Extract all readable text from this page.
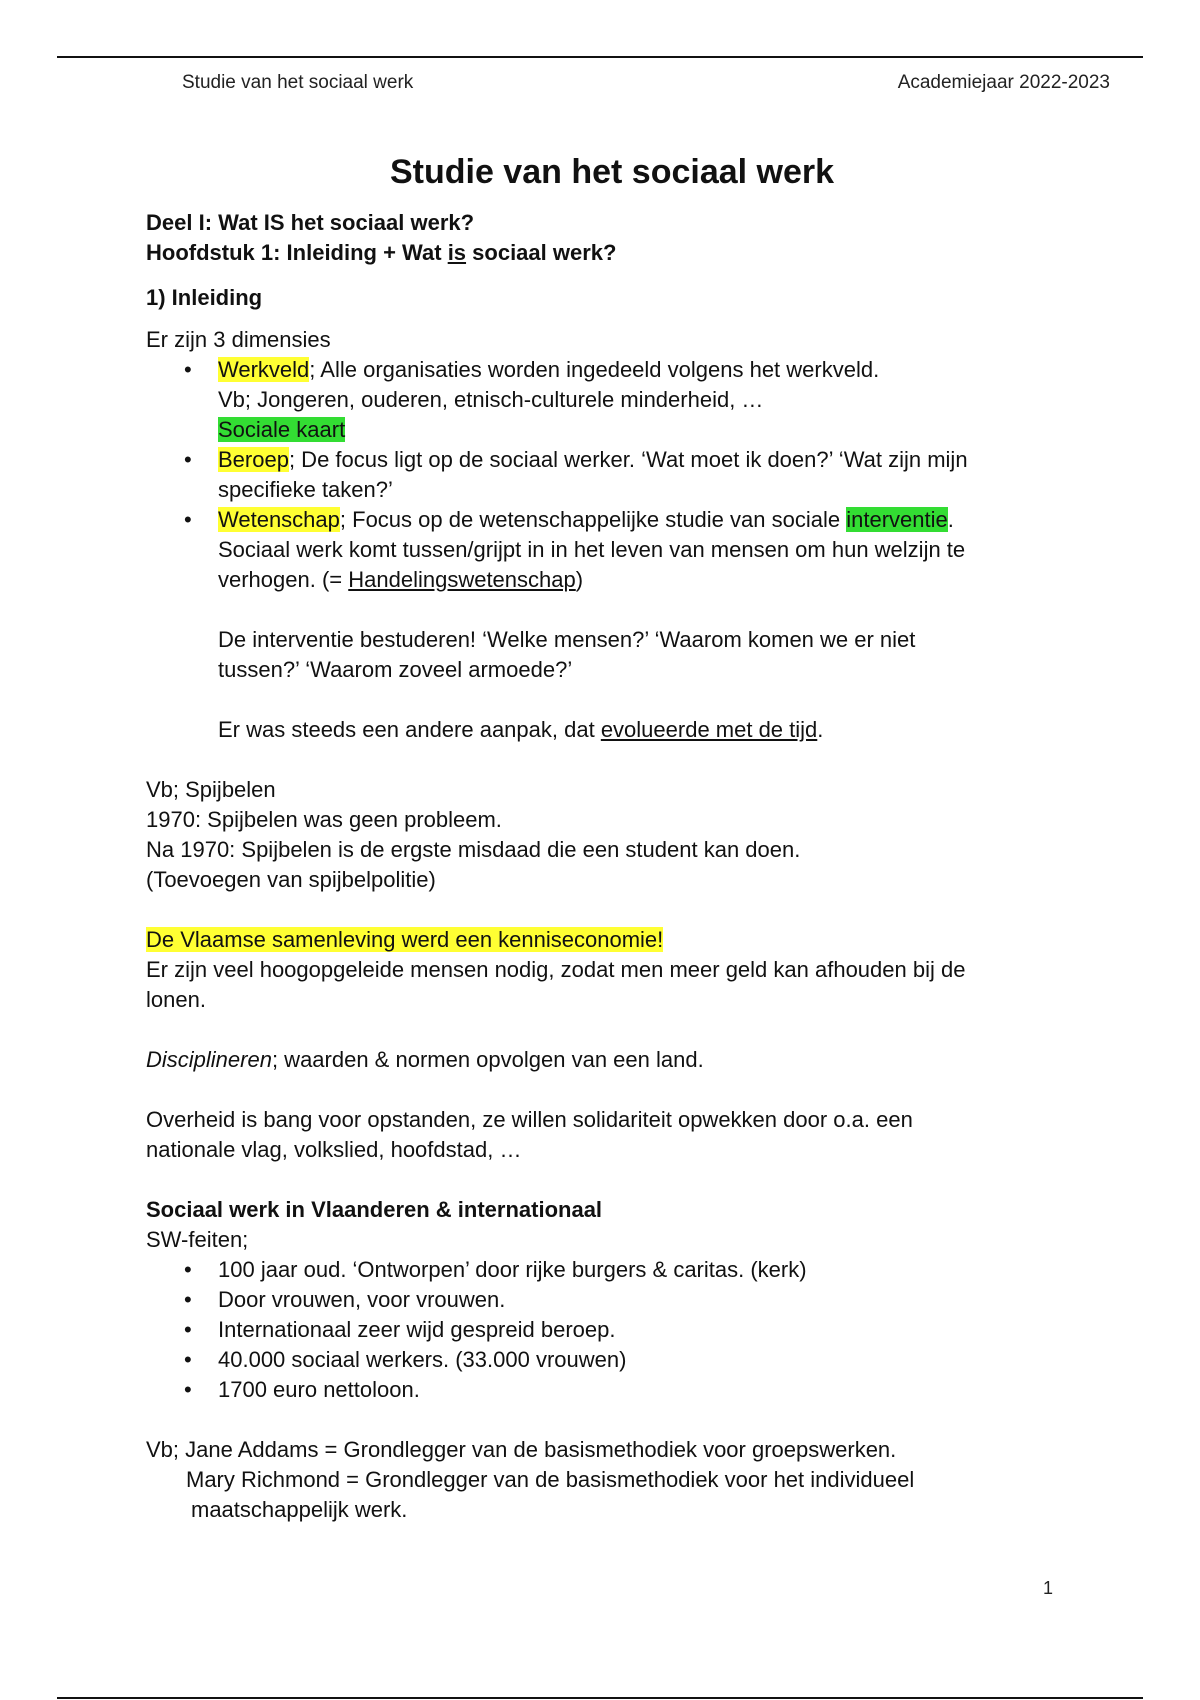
Studie van het sociaal werk	Academiejaar 2022-2023
Studie van het sociaal werk

Deel I: Wat IS het sociaal werk?

Hoofdstuk 1: Inleiding + Wat is sociaal werk?

1) Inleiding

Er zijn 3 dimensies

• Werkveld; Alle organisaties worden ingedeeld volgens het werkveld.
Vb; Jongeren, ouderen, etnisch-culturele minderheid, …
Sociale kaart
• Beroep; De focus ligt op de sociaal werker. ‘Wat moet ik doen?’ ‘Wat zijn mijn
specifieke taken?’
• Wetenschap; Focus op de wetenschappelijke studie van sociale interventie.
Sociaal werk komt tussen/grijpt in in het leven van mensen om hun welzijn te
verhogen. (= Handelingswetenschap)
De interventie bestuderen! ‘Welke mensen?’ ‘Waarom komen we er niet
tussen?’ ‘Waarom zoveel armoede?’
Er was steeds een andere aanpak, dat evolueerde met de tijd.

Vb; Spijbelen

1970: Spijbelen was geen probleem.

Na 1970: Spijbelen is de ergste misdaad die een student kan doen.

(Toevoegen van spijbelpolitie)

De Vlaamse samenleving werd een kenniseconomie!

Er zijn veel hoogopgeleide mensen nodig, zodat men meer geld kan afhouden bij de

lonen.

Disciplineren; waarden & normen opvolgen van een land.

Overheid is bang voor opstanden, ze willen solidariteit opwekken door o.a. een

nationale vlag, volkslied, hoofdstad, …

Sociaal werk in Vlaanderen & internationaal

SW-feiten;

• 100 jaar oud. ‘Ontworpen’ door rijke burgers & caritas. (kerk)
• Door vrouwen, voor vrouwen.
• Internationaal zeer wijd gespreid beroep.
• 40.000 sociaal werkers. (33.000 vrouwen)
• 1700 euro nettoloon.

Vb; Jane Addams = Grondlegger van de basismethodiek voor groepswerken.

Mary Richmond = Grondlegger van de basismethodiek voor het individueel

maatschappelijk werk.

1
